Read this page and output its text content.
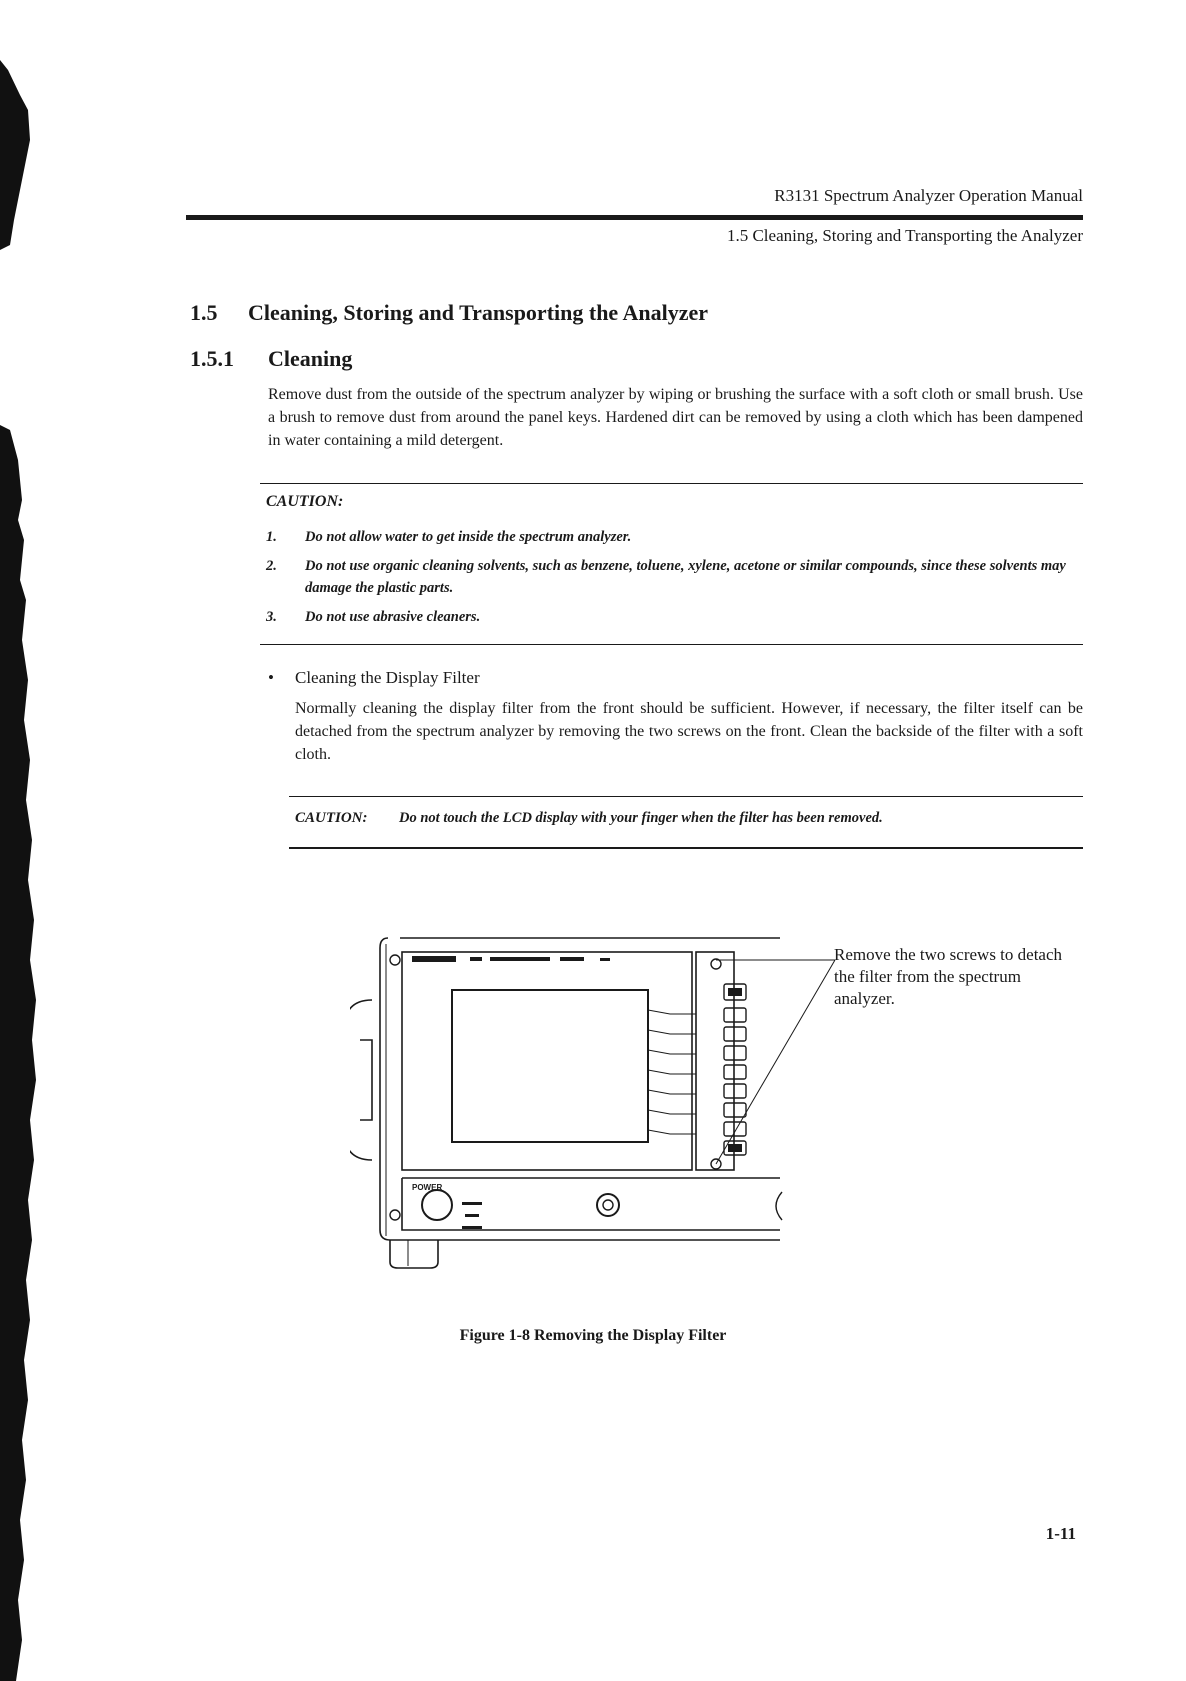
R3131 Spectrum Analyzer Operation Manual
1.5 Cleaning, Storing and Transporting the Analyzer
1.5 Cleaning, Storing and Transporting the Analyzer
1.5.1 Cleaning
Remove dust from the outside of the spectrum analyzer by wiping or brushing the surface with a soft cloth or small brush. Use a brush to remove dust from around the panel keys. Hardened dirt can be removed by using a cloth which has been dampened in water containing a mild detergent.
CAUTION:
1. Do not allow water to get inside the spectrum analyzer.
2. Do not use organic cleaning solvents, such as benzene, toluene, xylene, acetone or similar compounds, since these solvents may damage the plastic parts.
3. Do not use abrasive cleaners.
• Cleaning the Display Filter
Normally cleaning the display filter from the front should be sufficient. However, if necessary, the filter itself can be detached from the spectrum analyzer by removing the two screws on the front. Clean the backside of the filter with a soft cloth.
CAUTION: Do not touch the LCD display with your finger when the filter has been removed.
POWER
Remove the two screws to detach the filter from the spectrum analyzer.
Figure 1-8 Removing the Display Filter
1-11
